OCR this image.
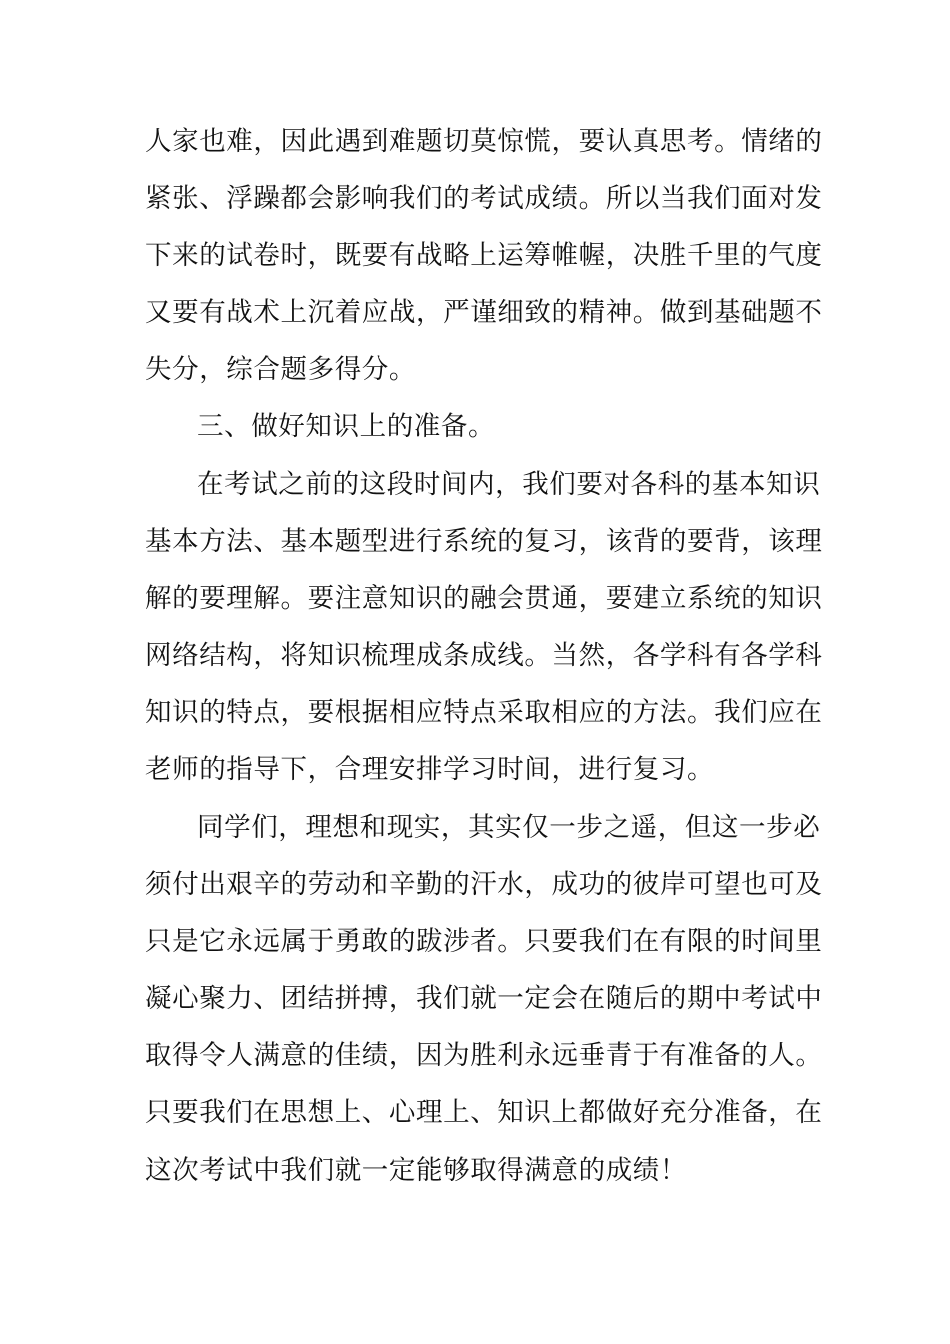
人家也难，因此遇到难题切莫惊慌，要认真思考。情绪的
紧张、浮躁都会影响我们的考试成绩。所以当我们面对发
下来的试卷时，既要有战略上运筹帷幄，决胜千里的气度
又要有战术上沉着应战，严谨细致的精神。做到基础题不
失分，综合题多得分。
三、做好知识上的准备。
在考试之前的这段时间内，我们要对各科的基本知识
基本方法、基本题型进行系统的复习，该背的要背，该理
解的要理解。要注意知识的融会贯通，要建立系统的知识
网络结构，将知识梳理成条成线。当然，各学科有各学科
知识的特点，要根据相应特点采取相应的方法。我们应在
老师的指导下，合理安排学习时间，进行复习。
同学们，理想和现实，其实仅一步之遥，但这一步必
须付出艰辛的劳动和辛勤的汗水，成功的彼岸可望也可及
只是它永远属于勇敢的跋涉者。只要我们在有限的时间里
凝心聚力、团结拼搏，我们就一定会在随后的期中考试中
取得令人满意的佳绩，因为胜利永远垂青于有准备的人。
只要我们在思想上、心理上、知识上都做好充分准备，在
这次考试中我们就一定能够取得满意的成绩！
